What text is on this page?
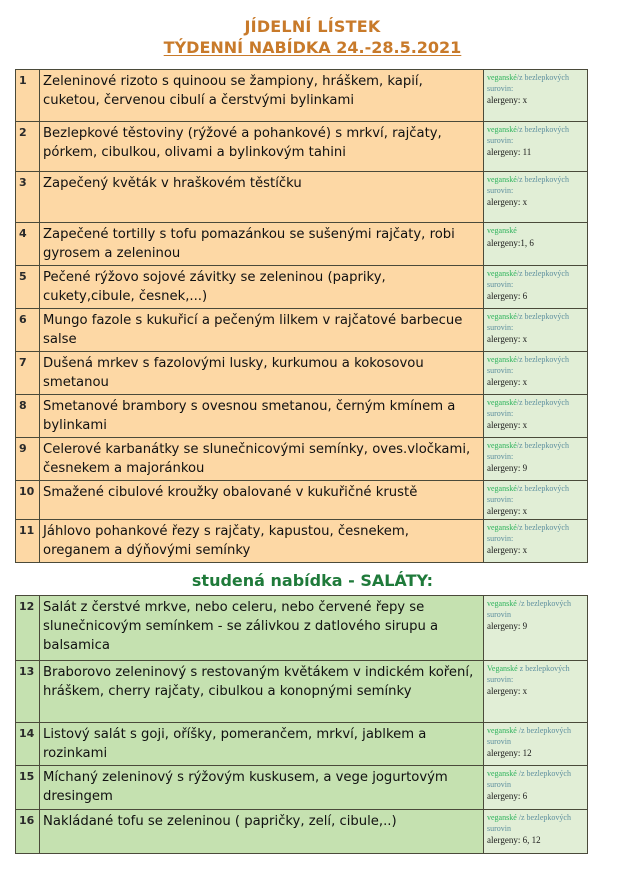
JÍDELNÍ LÍSTEK
TÝDENNÍ NABÍDKA 24.-28.5.2021
1	Zeleninové rizoto s quinoou se žampiony, hráškem, kapií, cuketou, červenou cibulí a čerstvými bylinkami	veganské/z bezlepkových surovin:
alergeny: x

2	Bezlepkové těstoviny (rýžové a pohankové) s mrkví, rajčaty, pórkem, cibulkou, olivami a bylinkovým tahini	veganské/z bezlepkových surovin:
alergeny: 11

3	Zapečený květák v hraškovém těstíčku	veganské/z bezlepkových surovin:
alergeny: x

4	Zapečené tortilly s tofu pomazánkou se sušenými rajčaty, robi gyrosem a zeleninou	veganské
alergeny:1, 6

5	Pečené rýžovo sojové závitky se zeleninou (papriky, cukety,cibule, česnek,...)	veganské/z bezlepkových surovin:
alergeny: 6

6	Mungo fazole s kukuřicí a pečeným lilkem v rajčatové barbecue salse	veganské/z bezlepkových surovin:
alergeny: x

7	Dušená mrkev s fazolovými lusky, kurkumou a kokosovou smetanou	veganské/z bezlepkových surovin:
alergeny: x

8	Smetanové brambory s ovesnou smetanou, černým kmínem a bylinkami	veganské/z bezlepkových surovin:
alergeny: x

9	Celerové karbanátky se slunečnicovými semínky, oves.vločkami, česnekem a majoránkou	veganské/z bezlepkových surovin:
alergeny: 9

10	Smažené cibulové kroužky obalované v kukuřičné krustě	veganské/z bezlepkových surovin:
alergeny: x

11	Jáhlovo pohankové řezy s rajčaty, kapustou, česnekem, oreganem a dýňovými semínky	veganské/z bezlepkových surovin:
alergeny: x
studená nabídka - SALÁTY:
12	Salát z čerstvé mrkve, nebo celeru, nebo červené řepy se slunečnicovým semínkem - se zálivkou z datlového sirupu a balsamica	veganské /z bezlepkových surovin
alergeny: 9

13	Braborovo zeleninový s restovaným květákem v indickém koření, hráškem, cherry rajčaty, cibulkou a konopnými semínky	Veganské z bezlepkových surovin:
alergeny: x

14	Listový salát s goji, oříšky, pomerančem, mrkví, jablkem a rozinkami	veganské /z bezlepkových surovin
alergeny: 12

15	Míchaný zeleninový s rýžovým kuskusem, a vege jogurtovým dresingem	veganské /z bezlepkových surovin
alergeny: 6

16	Nakládané tofu se zeleninou ( papričky, zelí, cibule,..)	veganské /z bezlepkových surovin
alergeny: 6, 12
